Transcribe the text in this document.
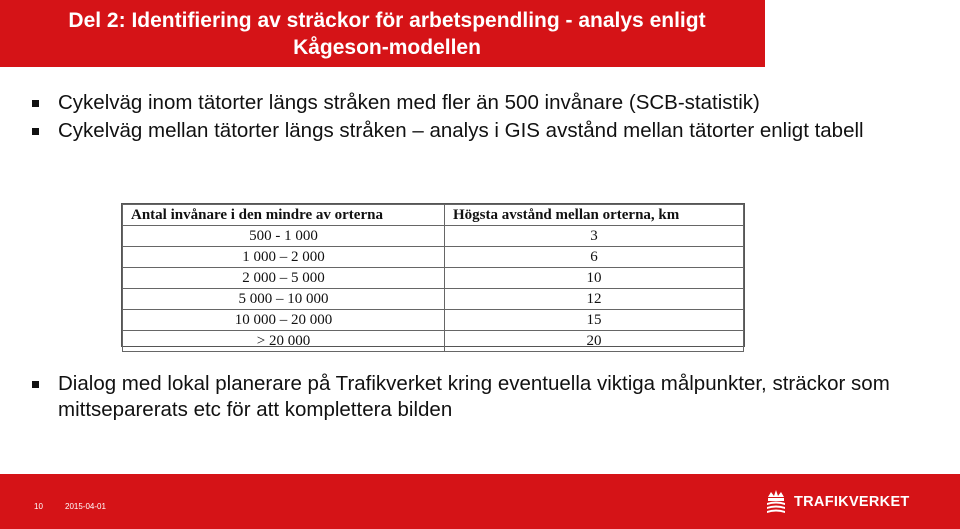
Del 2: Identifiering av sträckor för arbetspendling - analys enligt
Kågeson-modellen
Cykelväg inom tätorter längs stråken med fler än 500 invånare (SCB-statistik)
Cykelväg mellan tätorter längs stråken – analys i GIS avstånd mellan tätorter enligt tabell
Antal invånare i den mindre av orterna	Högsta avstånd mellan orterna, km
500 - 1 000	3
1 000 – 2 000	6
2 000 – 5 000	10
5 000 – 10 000	12
10 000 – 20 000	15
> 20 000	20
Dialog med lokal planerare på Trafikverket kring eventuella viktiga målpunkter, sträckor som mittseparerats etc för att komplettera bilden
10	2015-04-01	TRAFIKVERKET
